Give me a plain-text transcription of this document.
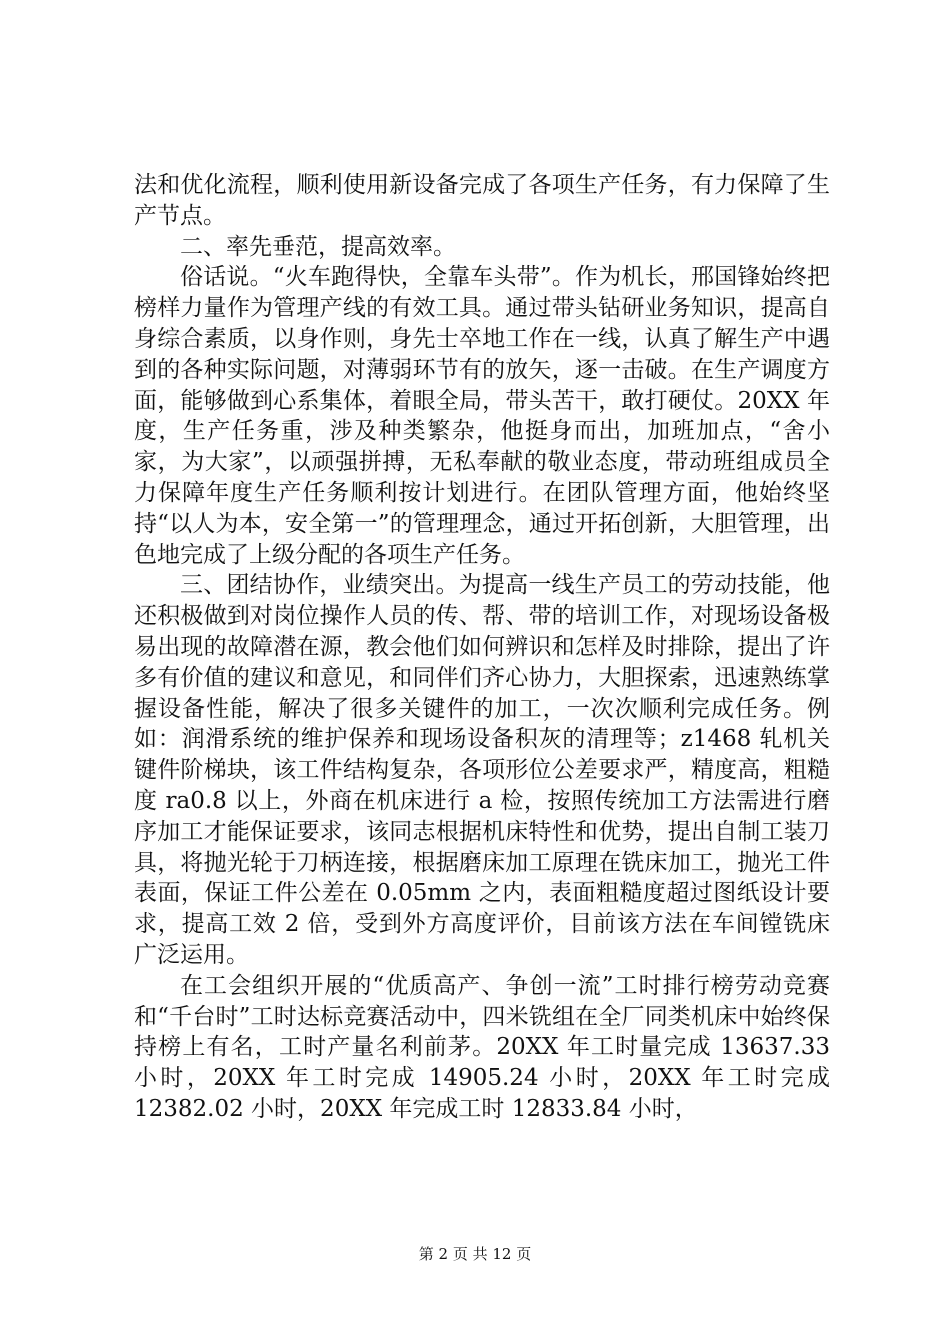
法和优化流程，顺利使用新设备完成了各项生产任务，有力保障了生产节点。

二、率先垂范，提高效率。

俗话说。“火车跑得快，全靠车头带”。作为机长，邢国锋始终把榜样力量作为管理产线的有效工具。通过带头钻研业务知识，提高自身综合素质，以身作则，身先士卒地工作在一线，认真了解生产中遇到的各种实际问题，对薄弱环节有的放矢，逐一击破。在生产调度方面，能够做到心系集体，着眼全局，带头苦干，敢打硬仗。20XX 年度，生产任务重，涉及种类繁杂，他挺身而出，加班加点，“舍小家，为大家”，以顽强拼搏，无私奉献的敬业态度，带动班组成员全力保障年度生产任务顺利按计划进行。在团队管理方面，他始终坚持“以人为本，安全第一”的管理理念，通过开拓创新，大胆管理，出色地完成了上级分配的各项生产任务。

三、团结协作，业绩突出。为提高一线生产员工的劳动技能，他还积极做到对岗位操作人员的传、帮、带的培训工作，对现场设备极易出现的故障潜在源，教会他们如何辨识和怎样及时排除，提出了许多有价值的建议和意见，和同伴们齐心协力，大胆探索，迅速熟练掌握设备性能，解决了很多关键件的加工，一次次顺利完成任务。例如：润滑系统的维护保养和现场设备积灰的清理等；z1468 轧机关键件阶梯块，该工件结构复杂，各项形位公差要求严，精度高，粗糙度 ra0.8 以上，外商在机床进行 a 检，按照传统加工方法需进行磨序加工才能保证要求，该同志根据机床特性和优势，提出自制工装刀具，将抛光轮于刀柄连接，根据磨床加工原理在铣床加工，抛光工件表面，保证工件公差在 0.05mm 之内，表面粗糙度超过图纸设计要求，提高工效 2 倍，受到外方高度评价，目前该方法在车间镗铣床广泛运用。

在工会组织开展的“优质高产、争创一流”工时排行榜劳动竞赛和“千台时”工时达标竞赛活动中，四米铣组在全厂同类机床中始终保持榜上有名，工时产量名利前茅。20XX 年工时量完成 13637.33 小时，20XX 年工时完成 14905.24 小时，20XX 年工时完成 12382.02 小时，20XX 年完成工时 12833.84 小时，

第 2 页 共 12 页
